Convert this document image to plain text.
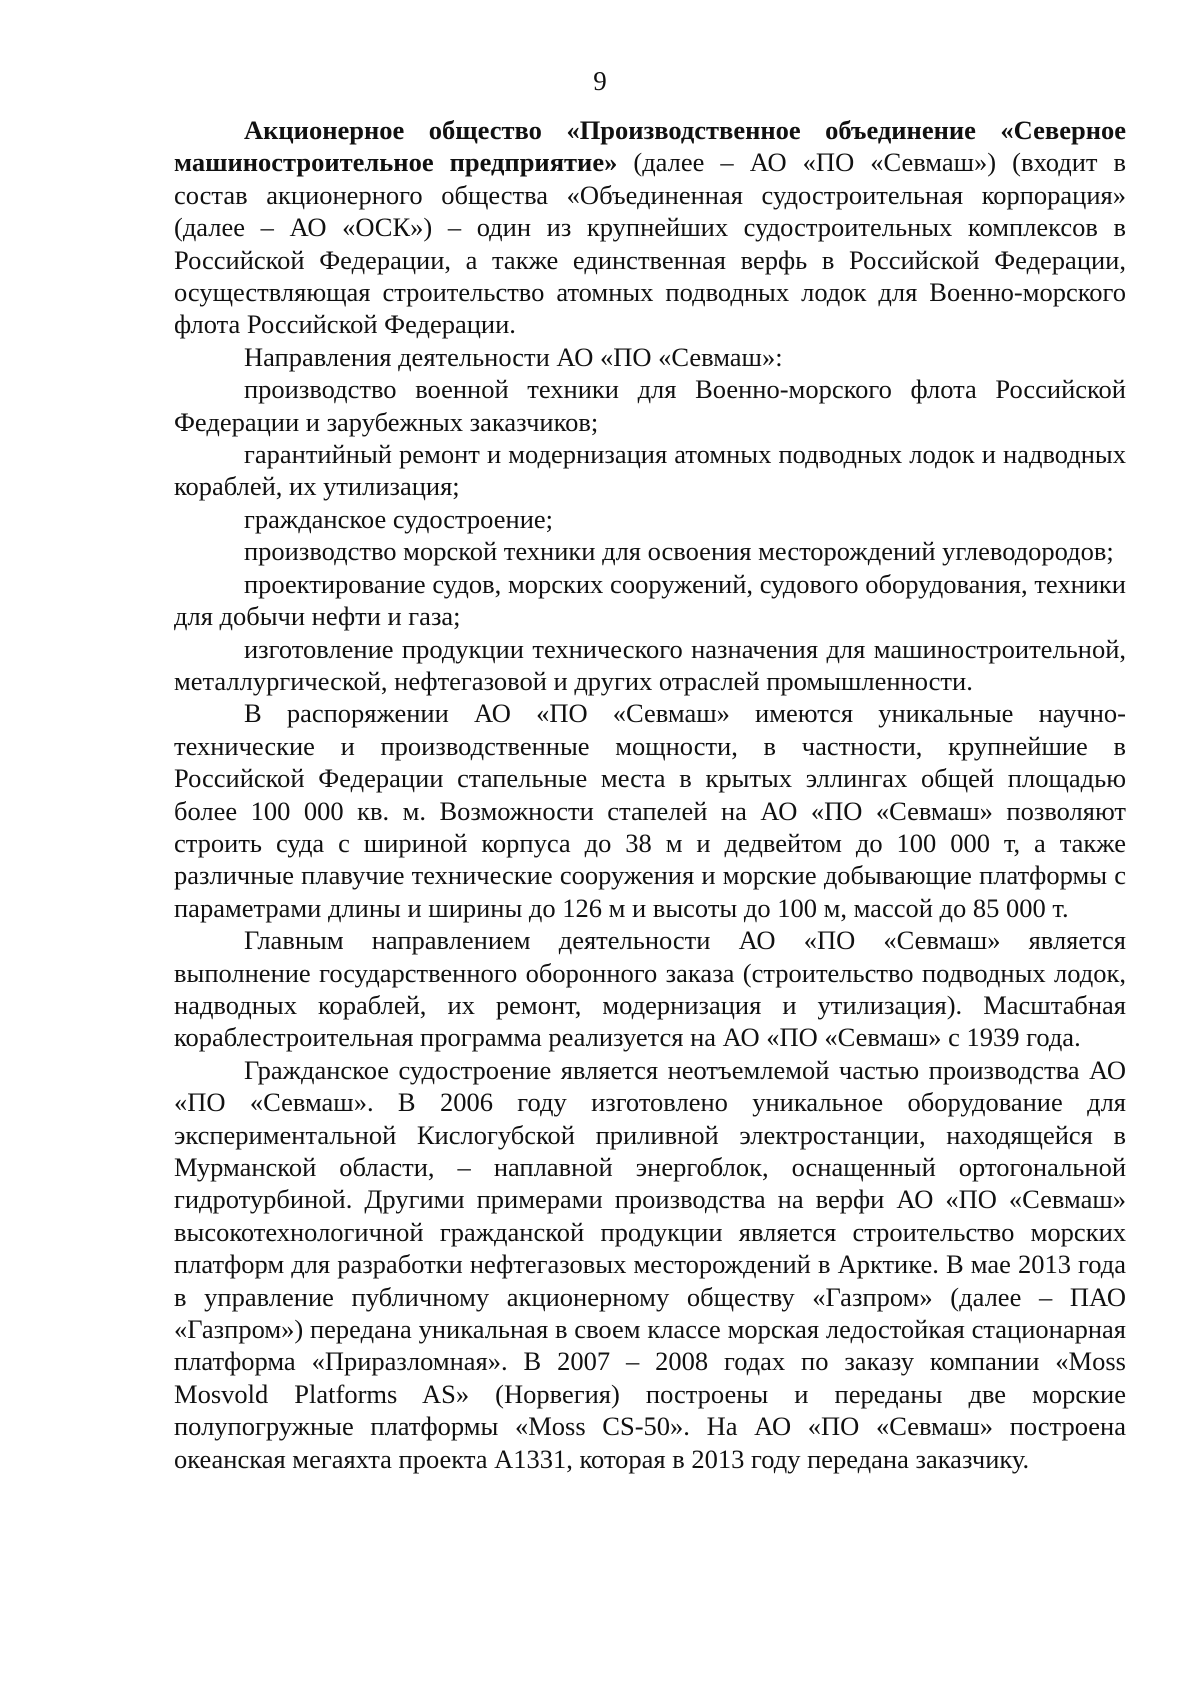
9

Акционерное общество «Производственное объединение «Северное машиностроительное предприятие» (далее – АО «ПО «Севмаш») (входит в состав акционерного общества «Объединенная судостроительная корпорация» (далее – АО «ОСК») – один из крупнейших судостроительных комплексов в Российской Федерации, а также единственная верфь в Российской Федерации, осуществляющая строительство атомных подводных лодок для Военно-морского флота Российской Федерации.

Направления деятельности АО «ПО «Севмаш»:

производство военной техники для Военно-морского флота Российской Федерации и зарубежных заказчиков;

гарантийный ремонт и модернизация атомных подводных лодок и надводных кораблей, их утилизация;

гражданское судостроение;

производство морской техники для освоения месторождений углеводородов;

проектирование судов, морских сооружений, судового оборудования, техники для добычи нефти и газа;

изготовление продукции технического назначения для машиностроительной, металлургической, нефтегазовой и других отраслей промышленности.

В распоряжении АО «ПО «Севмаш» имеются уникальные научно-технические и производственные мощности, в частности, крупнейшие в Российской Федерации стапельные места в крытых эллингах общей площадью более 100 000 кв. м. Возможности стапелей на АО «ПО «Севмаш» позволяют строить суда с шириной корпуса до 38 м и дедвейтом до 100 000 т, а также различные плавучие технические сооружения и морские добывающие платформы с параметрами длины и ширины до 126 м и высоты до 100 м, массой до 85 000 т.

Главным направлением деятельности АО «ПО «Севмаш» является выполнение государственного оборонного заказа (строительство подводных лодок, надводных кораблей, их ремонт, модернизация и утилизация). Масштабная кораблестроительная программа реализуется на АО «ПО «Севмаш» с 1939 года.

Гражданское судостроение является неотъемлемой частью производства АО «ПО «Севмаш». В 2006 году изготовлено уникальное оборудование для экспериментальной Кислогубской приливной электростанции, находящейся в Мурманской области, – наплавной энергоблок, оснащенный ортогональной гидротурбиной. Другими примерами производства на верфи АО «ПО «Севмаш» высокотехнологичной гражданской продукции является строительство морских платформ для разработки нефтегазовых месторождений в Арктике. В мае 2013 года в управление публичному акционерному обществу «Газпром» (далее – ПАО «Газпром») передана уникальная в своем классе морская ледостойкая стационарная платформа «Приразломная». В 2007 – 2008 годах по заказу компании «Moss Mosvold Platforms AS» (Норвегия) построены и переданы две морские полупогружные платформы «Moss CS-50». На АО «ПО «Севмаш» построена океанская мегаяхта проекта А1331, которая в 2013 году передана заказчику.
